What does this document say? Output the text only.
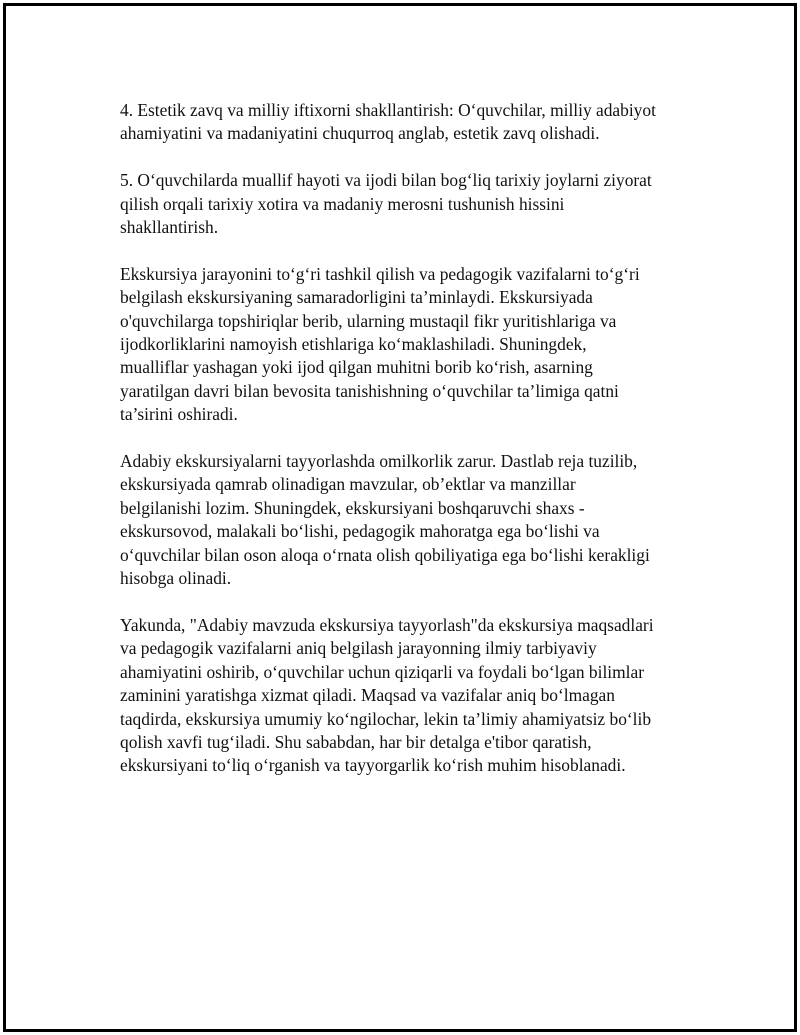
4. Estetik zavq va milliy iftixorni shakllantirish: O‘quvchilar, milliy adabiyot
ahamiyatini va madaniyatini chuqurroq anglab, estetik zavq olishadi.

5. O‘quvchilarda muallif hayoti va ijodi bilan bog‘liq tarixiy joylarni ziyorat
qilish orqali tarixiy xotira va madaniy merosni tushunish hissini
shakllantirish.

Ekskursiya jarayonini to‘g‘ri tashkil qilish va pedagogik vazifalarni to‘g‘ri
belgilash ekskursiyaning samaradorligini ta’minlaydi. Ekskursiyada
o'quvchilarga topshiriqlar berib, ularning mustaqil fikr yuritishlariga va
ijodkorliklarini namoyish etishlariga ko‘maklashiladi. Shuningdek,
mualliflar yashagan yoki ijod qilgan muhitni borib ko‘rish, asarning
yaratilgan davri bilan bevosita tanishishning o‘quvchilar ta’limiga qatni
ta’sirini oshiradi.

Adabiy ekskursiyalarni tayyorlashda omilkorlik zarur. Dastlab reja tuzilib,
ekskursiyada qamrab olinadigan mavzular, ob’ektlar va manzillar
belgilanishi lozim. Shuningdek, ekskursiyani boshqaruvchi shaxs -
ekskursovod, malakali bo‘lishi, pedagogik mahoratga ega bo‘lishi va
o‘quvchilar bilan oson aloqa o‘rnata olish qobiliyatiga ega bo‘lishi kerakligi
hisobga olinadi.

Yakunda, "Adabiy mavzuda ekskursiya tayyorlash"da ekskursiya maqsadlari
va pedagogik vazifalarni aniq belgilash jarayonning ilmiy tarbiyaviy
ahamiyatini oshirib, o‘quvchilar uchun qiziqarli va foydali bo‘lgan bilimlar
zaminini yaratishga xizmat qiladi. Maqsad va vazifalar aniq bo‘lmagan
taqdirda, ekskursiya umumiy ko‘ngilochar, lekin ta’limiy ahamiyatsiz bo‘lib
qolish xavfi tug‘iladi. Shu sababdan, har bir detalga e'tibor qaratish,
ekskursiyani to‘liq o‘rganish va tayyorgarlik ko‘rish muhim hisoblanadi.
